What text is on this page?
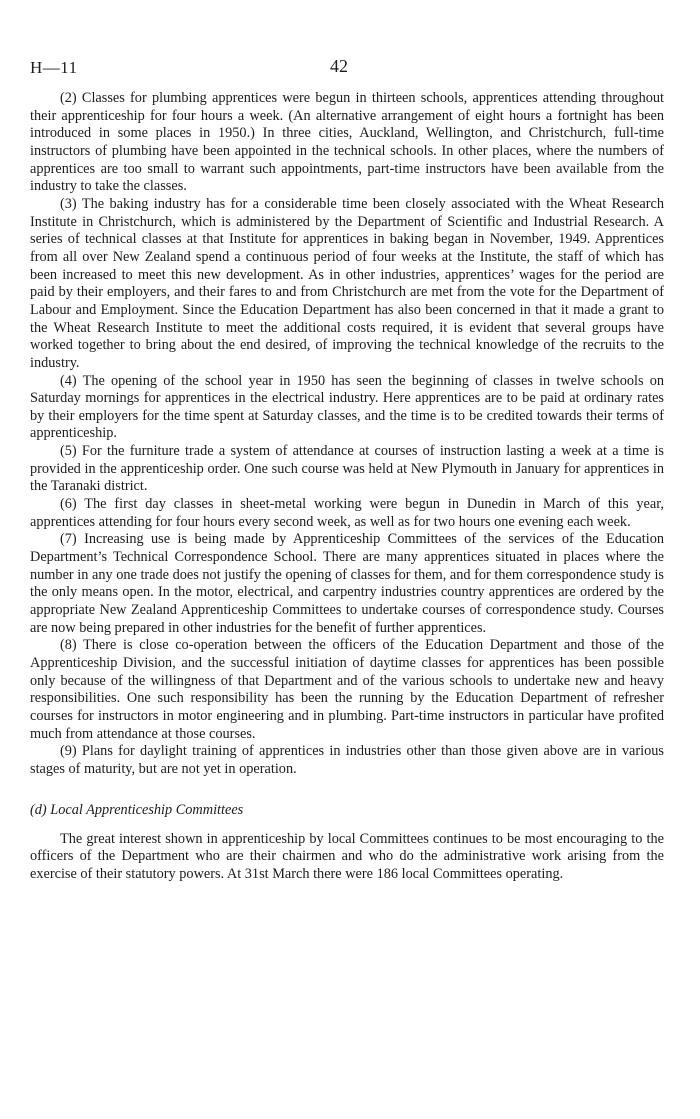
H—11	42

(2) Classes for plumbing apprentices were begun in thirteen schools, apprentices attending throughout their apprenticeship for four hours a week. (An alternative arrangement of eight hours a fortnight has been introduced in some places in 1950.) In three cities, Auckland, Wellington, and Christchurch, full-time instructors of plumbing have been appointed in the technical schools. In other places, where the numbers of apprentices are too small to warrant such appointments, part-time instructors have been available from the industry to take the classes.

(3) The baking industry has for a considerable time been closely associated with the Wheat Research Institute in Christchurch, which is administered by the Department of Scientific and Industrial Research. A series of technical classes at that Institute for apprentices in baking began in November, 1949. Apprentices from all over New Zealand spend a continuous period of four weeks at the Institute, the staff of which has been increased to meet this new development. As in other industries, apprentices’ wages for the period are paid by their employers, and their fares to and from Christchurch are met from the vote for the Department of Labour and Employment. Since the Education Department has also been concerned in that it made a grant to the Wheat Research Institute to meet the additional costs required, it is evident that several groups have worked together to bring about the end desired, of improving the technical knowledge of the recruits to the industry.

(4) The opening of the school year in 1950 has seen the beginning of classes in twelve schools on Saturday mornings for apprentices in the electrical industry. Here apprentices are to be paid at ordinary rates by their employers for the time spent at Saturday classes, and the time is to be credited towards their terms of apprenticeship.

(5) For the furniture trade a system of attendance at courses of instruction lasting a week at a time is provided in the apprenticeship order. One such course was held at New Plymouth in January for apprentices in the Taranaki district.

(6) The first day classes in sheet-metal working were begun in Dunedin in March of this year, apprentices attending for four hours every second week, as well as for two hours one evening each week.

(7) Increasing use is being made by Apprenticeship Committees of the services of the Education Department’s Technical Correspondence School. There are many apprentices situated in places where the number in any one trade does not justify the opening of classes for them, and for them correspondence study is the only means open. In the motor, electrical, and carpentry industries country apprentices are ordered by the appropriate New Zealand Apprenticeship Committees to undertake courses of correspondence study. Courses are now being prepared in other industries for the benefit of further apprentices.

(8) There is close co-operation between the officers of the Education Department and those of the Apprenticeship Division, and the successful initiation of daytime classes for apprentices has been possible only because of the willingness of that Department and of the various schools to undertake new and heavy responsibilities. One such responsibility has been the running by the Education Department of refresher courses for instructors in motor engineering and in plumbing. Part-time instructors in particular have profited much from attendance at those courses.

(9) Plans for daylight training of apprentices in industries other than those given above are in various stages of maturity, but are not yet in operation.

(d) Local Apprenticeship Committees

The great interest shown in apprenticeship by local Committees continues to be most encouraging to the officers of the Department who are their chairmen and who do the administrative work arising from the exercise of their statutory powers. At 31st March there were 186 local Committees operating.
